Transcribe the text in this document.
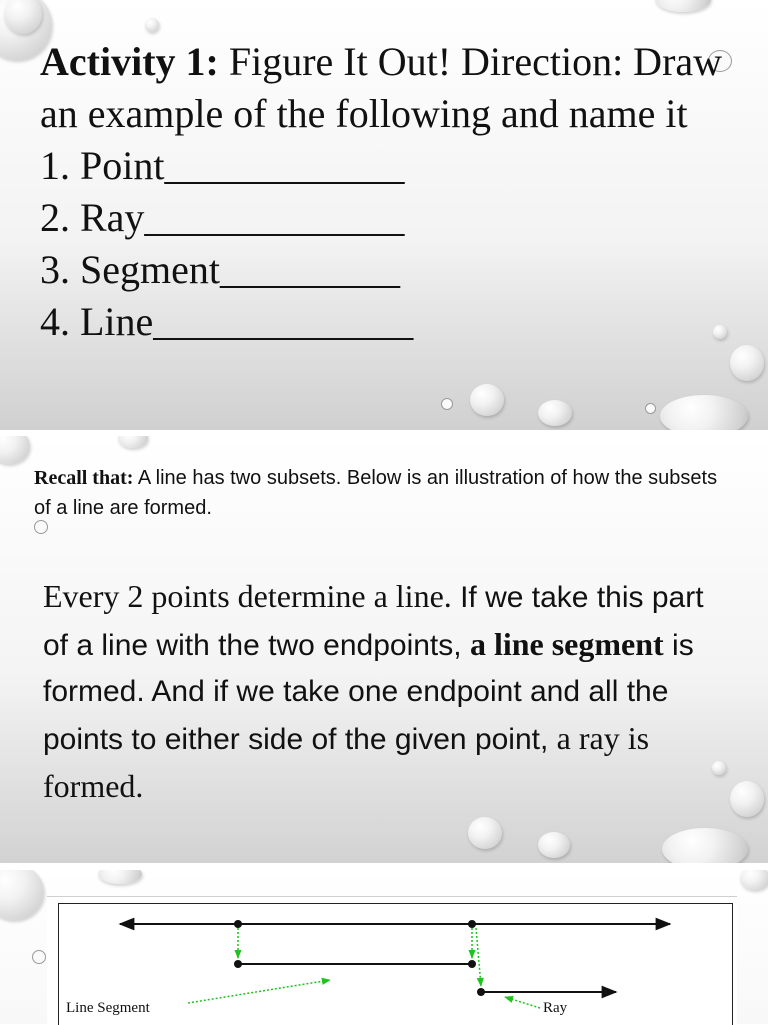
Activity 1: Figure It Out! Direction: Draw an example of the following and name it
1. Point____________
2. Ray_____________
3. Segment_________
4. Line_____________
Recall that: A line has two subsets. Below is an illustration of how the subsets of a line are formed.
Every 2 points determine a line. If we take this part of a line with the two endpoints, a line segment is formed. And if we take one endpoint and all the points to either side of the given point, a ray is formed.
Line Segment	Ray
